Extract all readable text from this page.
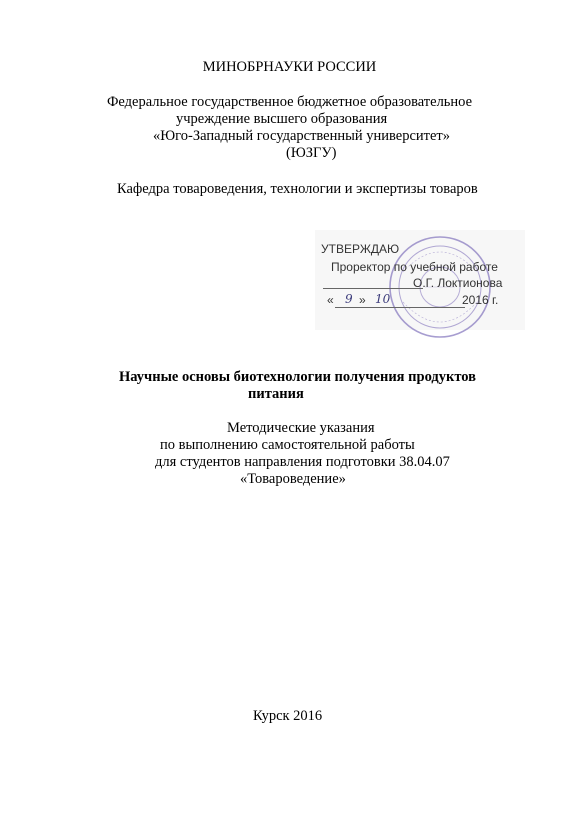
МИНОБРНАУКИ РОССИИ
Федеральное государственное бюджетное образовательное
учреждение высшего образования
«Юго-Западный государственный университет»
(ЮЗГУ)
Кафедра товароведения, технологии и экспертизы товаров
УТВЕРЖДАЮ
Проректор по учебной работе
О.Г. Локтионова
« 9 » 10	2016 г.
Научные основы биотехнологии получения продуктов
питания
Методические указания
по выполнению самостоятельной работы
для студентов направления подготовки 38.04.07
«Товароведение»
Курск 2016
